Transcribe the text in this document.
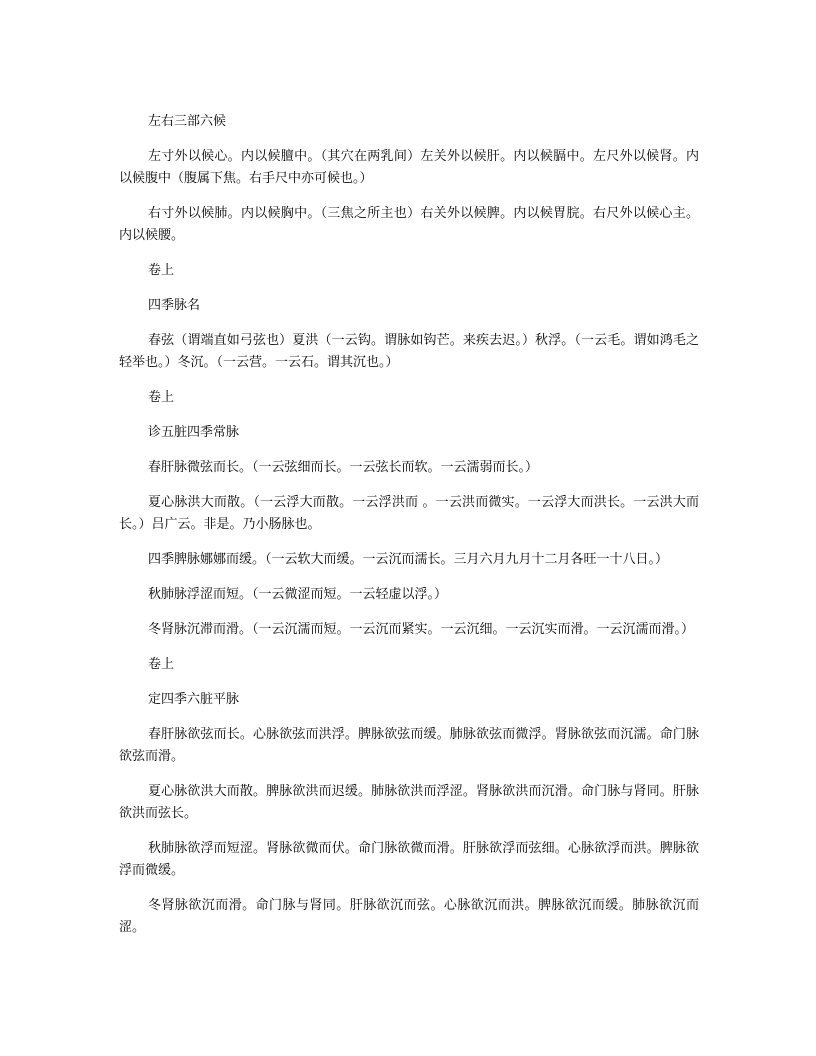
左右三部六候

左寸外以候心。内以候膻中。（其穴在两乳间）左关外以候肝。内以候膈中。左尺外以候肾。内以候腹中（腹属下焦。右手尺中亦可候也。）

右寸外以候肺。内以候胸中。（三焦之所主也）右关外以候脾。内以候胃脘。右尺外以候心主。内以候腰。

卷上

四季脉名

春弦（谓端直如弓弦也）夏洪（一云钩。谓脉如钩芒。来疾去迟。）秋浮。（一云毛。谓如鸿毛之轻举也。）冬沉。（一云营。一云石。谓其沉也。）

卷上

诊五脏四季常脉

春肝脉微弦而长。（一云弦细而长。一云弦长而软。一云濡弱而长。）

夏心脉洪大而散。（一云浮大而散。一云浮洪而 。一云洪而微实。一云浮大而洪长。一云洪大而长。）吕广云。非是。乃小肠脉也。

四季脾脉娜娜而缓。（一云软大而缓。一云沉而濡长。三月六月九月十二月各旺一十八日。）

秋肺脉浮涩而短。（一云微涩而短。一云轻虚以浮。）

冬肾脉沉滞而滑。（一云沉濡而短。一云沉而紧实。一云沉细。一云沉实而滑。一云沉濡而滑。）

卷上

定四季六脏平脉

春肝脉欲弦而长。心脉欲弦而洪浮。脾脉欲弦而缓。肺脉欲弦而微浮。肾脉欲弦而沉濡。命门脉欲弦而滑。

夏心脉欲洪大而散。脾脉欲洪而迟缓。肺脉欲洪而浮涩。肾脉欲洪而沉滑。命门脉与肾同。肝脉欲洪而弦长。

秋肺脉欲浮而短涩。肾脉欲微而伏。命门脉欲微而滑。肝脉欲浮而弦细。心脉欲浮而洪。脾脉欲浮而微缓。

冬肾脉欲沉而滑。命门脉与肾同。肝脉欲沉而弦。心脉欲沉而洪。脾脉欲沉而缓。肺脉欲沉而涩。
